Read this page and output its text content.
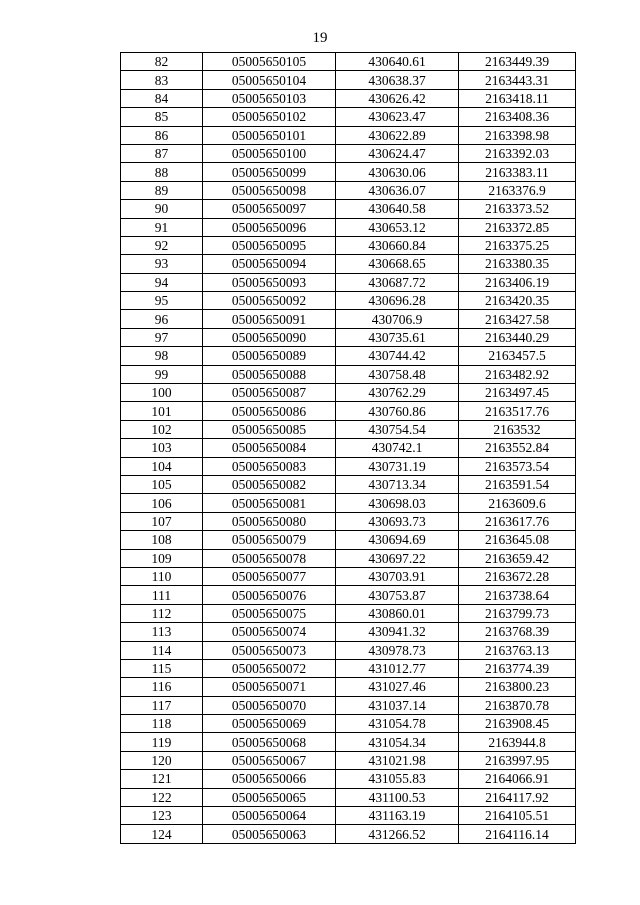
19
82	05005650105	430640.61	2163449.39
83	05005650104	430638.37	2163443.31
84	05005650103	430626.42	2163418.11
85	05005650102	430623.47	2163408.36
86	05005650101	430622.89	2163398.98
87	05005650100	430624.47	2163392.03
88	05005650099	430630.06	2163383.11
89	05005650098	430636.07	2163376.9
90	05005650097	430640.58	2163373.52
91	05005650096	430653.12	2163372.85
92	05005650095	430660.84	2163375.25
93	05005650094	430668.65	2163380.35
94	05005650093	430687.72	2163406.19
95	05005650092	430696.28	2163420.35
96	05005650091	430706.9	2163427.58
97	05005650090	430735.61	2163440.29
98	05005650089	430744.42	2163457.5
99	05005650088	430758.48	2163482.92
100	05005650087	430762.29	2163497.45
101	05005650086	430760.86	2163517.76
102	05005650085	430754.54	2163532
103	05005650084	430742.1	2163552.84
104	05005650083	430731.19	2163573.54
105	05005650082	430713.34	2163591.54
106	05005650081	430698.03	2163609.6
107	05005650080	430693.73	2163617.76
108	05005650079	430694.69	2163645.08
109	05005650078	430697.22	2163659.42
110	05005650077	430703.91	2163672.28
111	05005650076	430753.87	2163738.64
112	05005650075	430860.01	2163799.73
113	05005650074	430941.32	2163768.39
114	05005650073	430978.73	2163763.13
115	05005650072	431012.77	2163774.39
116	05005650071	431027.46	2163800.23
117	05005650070	431037.14	2163870.78
118	05005650069	431054.78	2163908.45
119	05005650068	431054.34	2163944.8
120	05005650067	431021.98	2163997.95
121	05005650066	431055.83	2164066.91
122	05005650065	431100.53	2164117.92
123	05005650064	431163.19	2164105.51
124	05005650063	431266.52	2164116.14
